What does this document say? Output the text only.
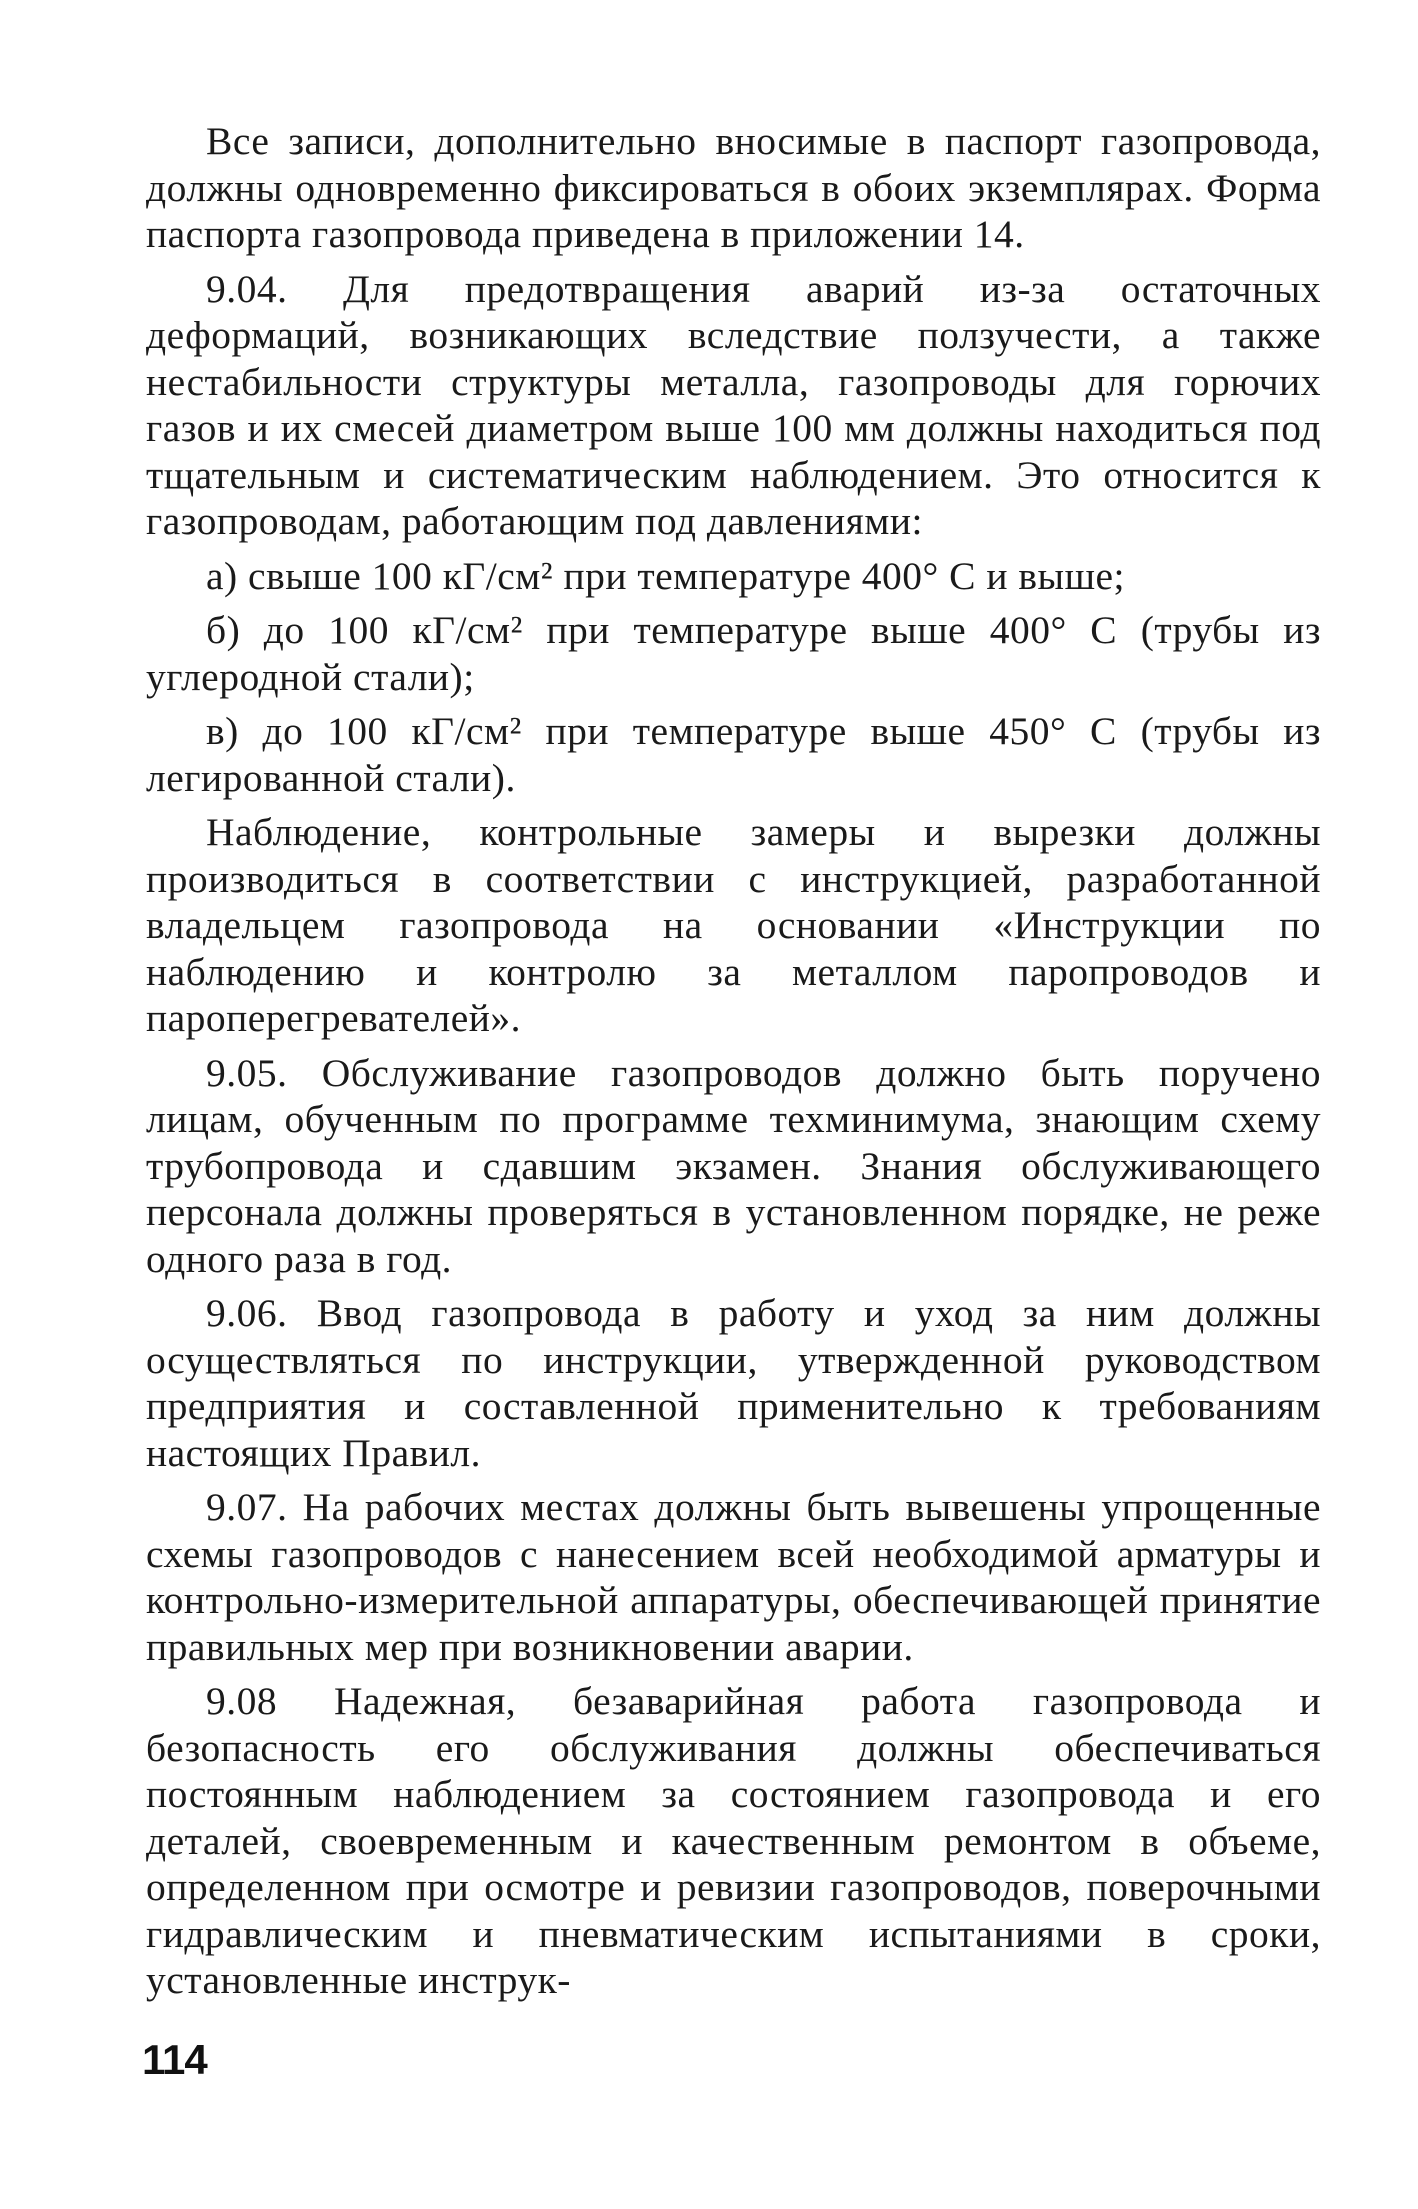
Все записи, дополнительно вносимые в паспорт газопровода, должны одновременно фиксироваться в обоих экземплярах. Форма паспорта газопровода приведена в приложении 14.

9.04. Для предотвращения аварий из-за остаточных деформаций, возникающих вследствие ползучести, а также нестабильности структуры металла, газопроводы для горючих газов и их смесей диаметром выше 100 мм должны находиться под тщательным и систематическим наблюдением. Это относится к газопроводам, работающим под давлениями:

а) свыше 100 кГ/см² при температуре 400° С и выше;

б) до 100 кГ/см² при температуре выше 400° С (трубы из углеродной стали);

в) до 100 кГ/см² при температуре выше 450° С (трубы из легированной стали).

Наблюдение, контрольные замеры и вырезки должны производиться в соответствии с инструкцией, разработанной владельцем газопровода на основании «Инструкции по наблюдению и контролю за металлом паропроводов и пароперегревателей».

9.05. Обслуживание газопроводов должно быть поручено лицам, обученным по программе техминимума, знающим схему трубопровода и сдавшим экзамен. Знания обслуживающего персонала должны проверяться в установленном порядке, не реже одного раза в год.

9.06. Ввод газопровода в работу и уход за ним должны осуществляться по инструкции, утвержденной руководством предприятия и составленной применительно к требованиям настоящих Правил.

9.07. На рабочих местах должны быть вывешены упрощенные схемы газопроводов с нанесением всей необходимой арматуры и контрольно-измерительной аппаратуры, обеспечивающей принятие правильных мер при возникновении аварии.

9.08 Надежная, безаварийная работа газопровода и безопасность его обслуживания должны обеспечиваться постоянным наблюдением за состоянием газопровода и его деталей, своевременным и качественным ремонтом в объеме, определенном при осмотре и ревизии газопроводов, поверочными гидравлическим и пневматическим испытаниями в сроки, установленные инструк-

114
